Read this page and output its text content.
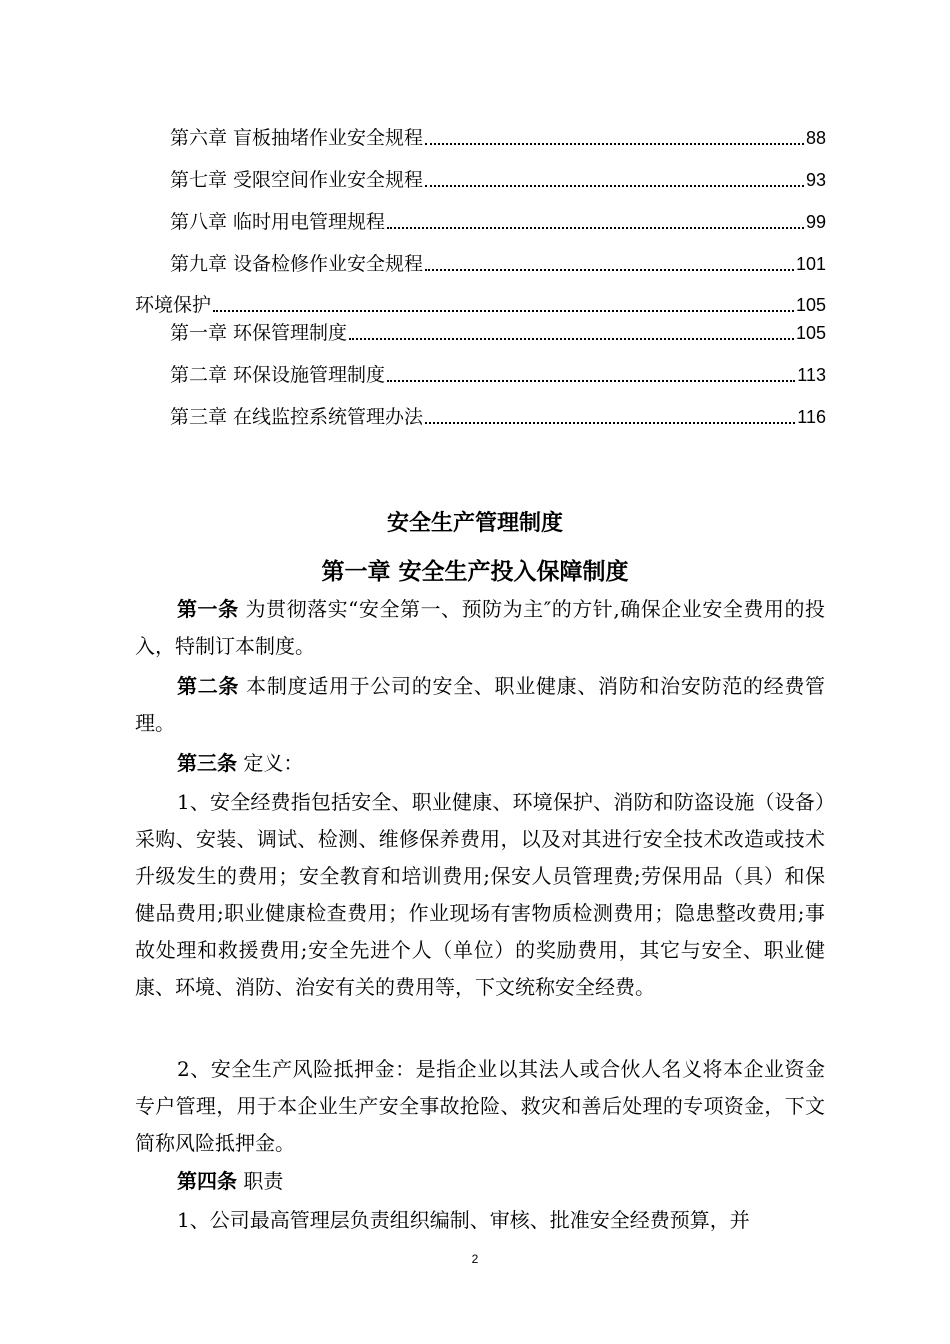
第六章 盲板抽堵作业安全规程	88
第七章 受限空间作业安全规程	93
第八章 临时用电管理规程	99
第九章 设备检修作业安全规程	101
环境保护	105
第一章 环保管理制度	105
第二章 环保设施管理制度	113
第三章 在线监控系统管理办法	116
安全生产管理制度
第一章 安全生产投入保障制度

第一条 为贯彻落实“安全第一、预防为主″的方针,确保企业安全费用的投入，特制订本制度。

第二条 本制度适用于公司的安全、职业健康、消防和治安防范的经费管理。

第三条 定义：

1、安全经费指包括安全、职业健康、环境保护、消防和防盗设施（设备）采购、安装、调试、检测、维修保养费用，以及对其进行安全技术改造或技术升级发生的费用；安全教育和培训费用;保安人员管理费;劳保用品（具）和保健品费用;职业健康检查费用；作业现场有害物质检测费用；隐患整改费用;事故处理和救援费用;安全先进个人（单位）的奖励费用，其它与安全、职业健康、环境、消防、治安有关的费用等，下文统称安全经费。

2、安全生产风险抵押金：是指企业以其法人或合伙人名义将本企业资金专户管理，用于本企业生产安全事故抢险、救灾和善后处理的专项资金，下文简称风险抵押金。

第四条 职责

1、公司最高管理层负责组织编制、审核、批准安全经费预算，并

2
